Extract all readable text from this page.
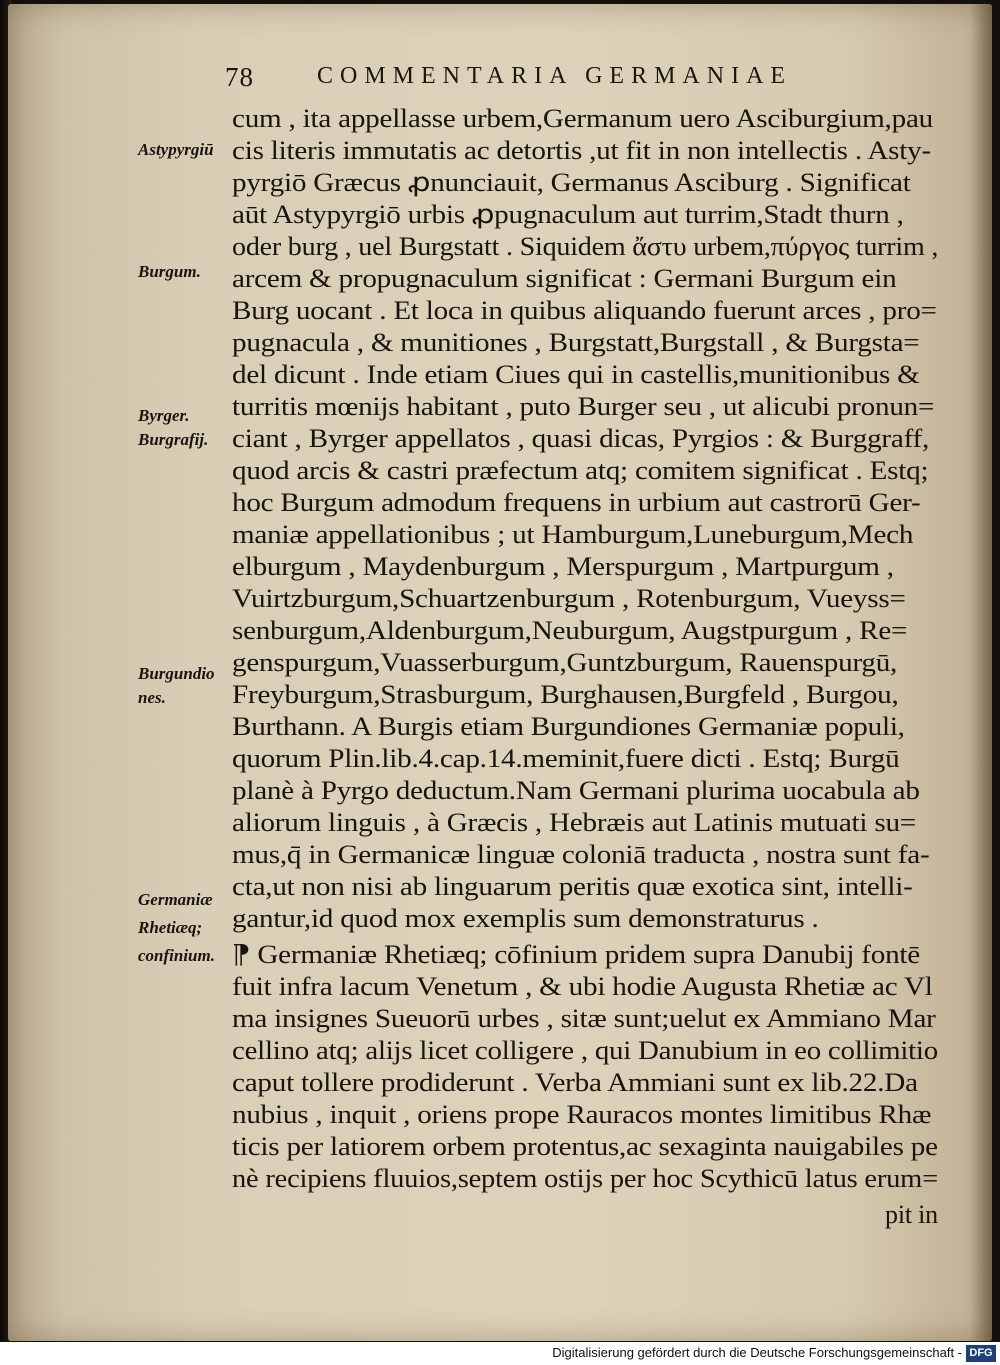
78	COMMENTARIA GERMANIAE
cum , ita appellasse urbem,Germanum uero Asciburgium,pau
cis literis immutatis ac detortis ,ut fit in non intellectis . Asty-
pyrgiō Græcus ꝓnunciauit, Germanus Asciburg . Significat
aūt Astypyrgiō urbis ꝓpugnaculum aut turrim,Stadt thurn ,
oder burg , uel Burgstatt . Siquidem ἄστυ urbem,πύργος turrim ,
arcem & propugnaculum significat : Germani Burgum ein
Burg uocant . Et loca in quibus aliquando fuerunt arces , pro=
pugnacula , & munitiones , Burgstatt,Burgstall , & Burgsta=
del dicunt . Inde etiam Ciues qui in castellis,munitionibus &
turritis mœnijs habitant , puto Burger seu , ut alicubi pronun=
ciant , Byrger appellatos , quasi dicas, Pyrgios : & Burggraff,
quod arcis & castri præfectum atq; comitem significat . Estq;
hoc Burgum admodum frequens in urbium aut castrorū Ger-
maniæ appellationibus ; ut Hamburgum,Luneburgum,Mech
elburgum , Maydenburgum , Merspurgum , Martpurgum ,
Vuirtzburgum,Schuartzenburgum , Rotenburgum, Vueyss=
senburgum,Aldenburgum,Neuburgum, Augstpurgum , Re=
genspurgum,Vuasserburgum,Guntzburgum, Rauenspurgū,
Freyburgum,Strasburgum, Burghausen,Burgfeld , Burgou,
Burthann. A Burgis etiam Burgundiones Germaniæ populi,
quorum Plin.lib.4.cap.14.meminit,fuere dicti . Estq; Burgū
planè à Pyrgo deductum.Nam Germani plurima uocabula ab
aliorum linguis , à Græcis , Hebræis aut Latinis mutuati su=
mus,q̄ in Germanicæ linguæ coloniā traducta , nostra sunt fa-
cta,ut non nisi ab linguarum peritis quæ exotica sint, intelli-
gantur,id quod mox exemplis sum demonstraturus .
⁋ Germaniæ Rhetiæq; cōfinium pridem supra Danubij fontē
fuit infra lacum Venetum , & ubi hodie Augusta Rhetiæ ac Vl
ma insignes Sueuorū urbes , sitæ sunt;uelut ex Ammiano Mar
cellino atq; alijs licet colligere , qui Danubium in eo collimitio
caput tollere prodiderunt . Verba Ammiani sunt ex lib.22.Da
nubius , inquit , oriens prope Rauracos montes limitibus Rhæ
ticis per latiorem orbem protentus,ac sexaginta nauigabiles pe
nè recipiens fluuios,septem ostijs per hoc Scythicū latus erum=
pit in
Astypyrgiū
Burgum.
Byrger.
Burgrafij.
Burgundio
nes.
Germaniæ
Rhetiæq;
confinium.
Digitalisierung gefördert durch die Deutsche Forschungsgemeinschaft - DFG
